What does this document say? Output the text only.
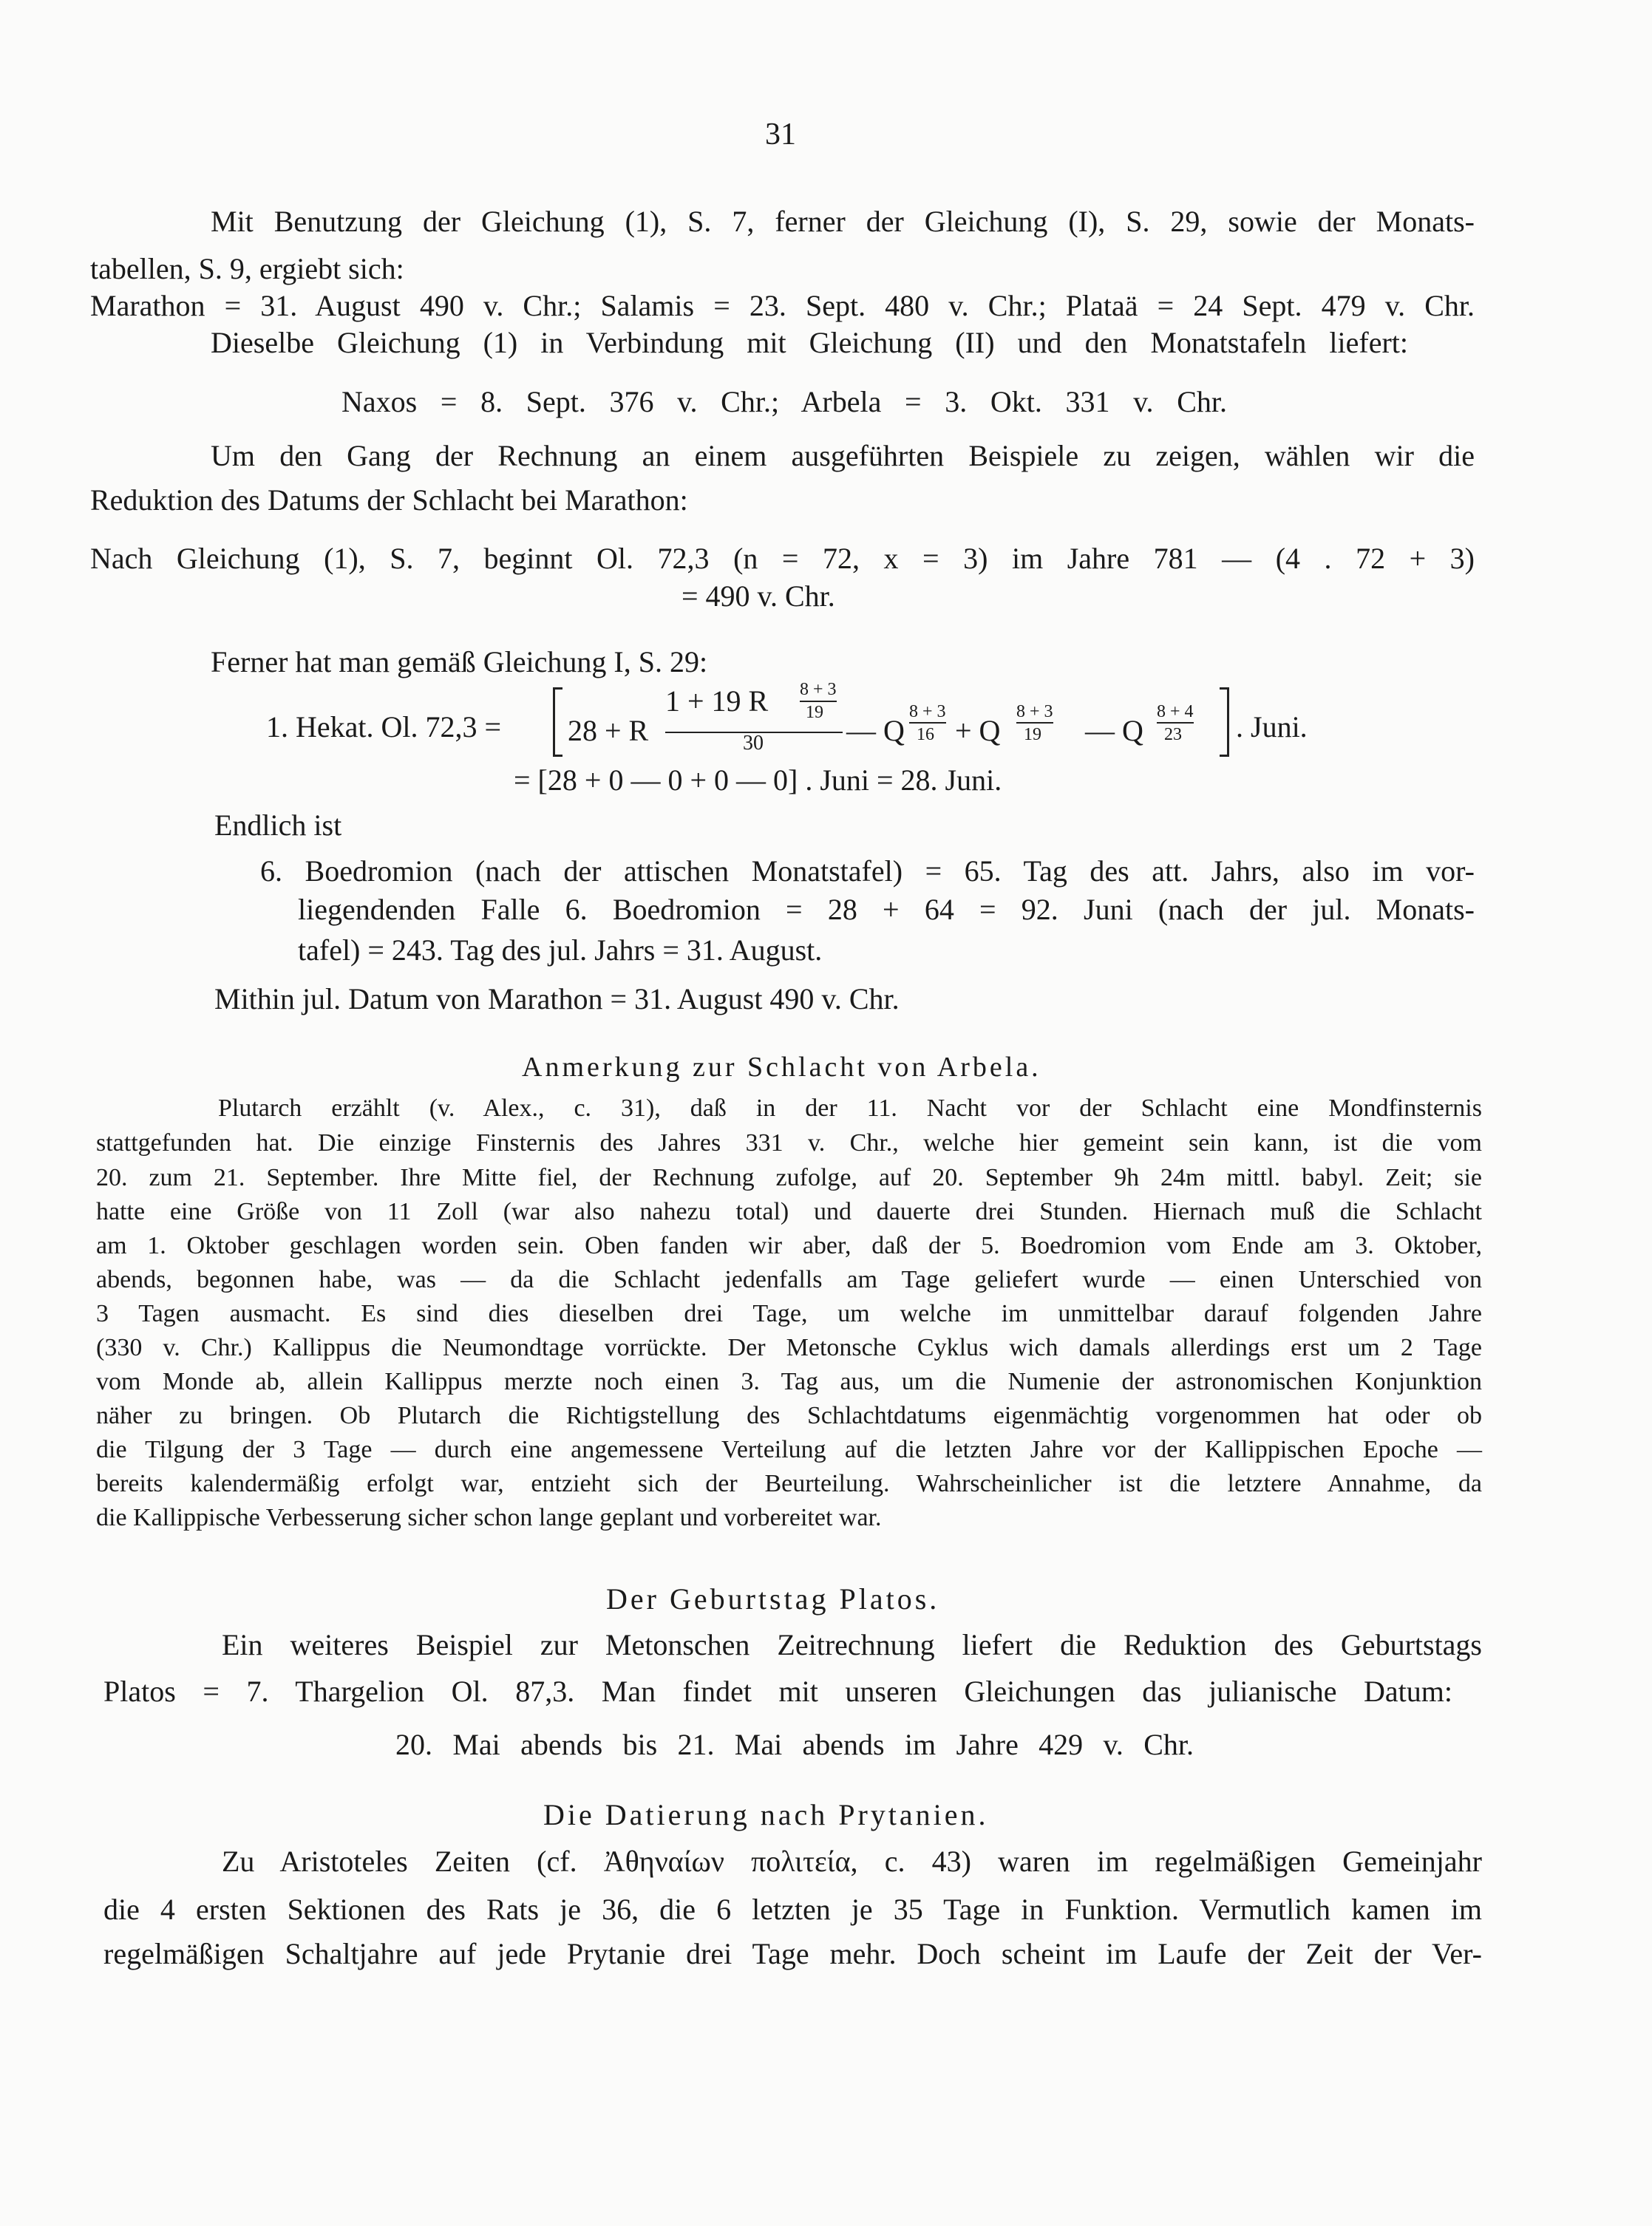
31
Mit Benutzung der Gleichung (1), S. 7, ferner der Gleichung (I), S. 29, sowie der Monats-
tabellen, S. 9, ergiebt sich:
Marathon = 31. August 490 v. Chr.; Salamis = 23. Sept. 480 v. Chr.; Plataä = 24 Sept. 479 v. Chr.
Dieselbe Gleichung (1) in Verbindung mit Gleichung (II) und den Monatstafeln liefert:
Naxos = 8. Sept. 376 v. Chr.; Arbela = 3. Okt. 331 v. Chr.
Um den Gang der Rechnung an einem ausgeführten Beispiele zu zeigen, wählen wir die
Reduktion des Datums der Schlacht bei Marathon:
Nach Gleichung (1), S. 7, beginnt Ol. 72,3 (n = 72, x = 3) im Jahre 781 — (4 . 72 + 3)
= 490 v. Chr.
Ferner hat man gemäß Gleichung I, S. 29:
1. Hekat. Ol. 72,3 = 28 + R
1 + 19 R 8 + 3
19
30	— Q
8 + 3
16 + Q
8 + 3
19 — Q
8 + 4
23 . Juni.
= [28 + 0 — 0 + 0 — 0] . Juni = 28. Juni.
Endlich ist
6. Boedromion (nach der attischen Monatstafel) = 65. Tag des att. Jahrs, also im vor-
liegendenden Falle 6. Boedromion = 28 + 64 = 92. Juni (nach der jul. Monats-
tafel) = 243. Tag des jul. Jahrs = 31. August.
Mithin jul. Datum von Marathon = 31. August 490 v. Chr.
Anmerkung zur Schlacht von Arbela.
Plutarch erzählt (v. Alex., c. 31), daß in der 11. Nacht vor der Schlacht eine Mondfinsternis
stattgefunden hat. Die einzige Finsternis des Jahres 331 v. Chr., welche hier gemeint sein kann, ist die vom
20. zum 21. September. Ihre Mitte fiel, der Rechnung zufolge, auf 20. September 9h 24m mittl. babyl. Zeit; sie
hatte eine Größe von 11 Zoll (war also nahezu total) und dauerte drei Stunden. Hiernach muß die Schlacht
am 1. Oktober geschlagen worden sein. Oben fanden wir aber, daß der 5. Boedromion vom Ende am 3. Oktober,
abends, begonnen habe, was — da die Schlacht jedenfalls am Tage geliefert wurde — einen Unterschied von
3 Tagen ausmacht. Es sind dies dieselben drei Tage, um welche im unmittelbar darauf folgenden Jahre
(330 v. Chr.) Kallippus die Neumondtage vorrückte. Der Metonsche Cyklus wich damals allerdings erst um 2 Tage
vom Monde ab, allein Kallippus merzte noch einen 3. Tag aus, um die Numenie der astronomischen Konjunktion
näher zu bringen. Ob Plutarch die Richtigstellung des Schlachtdatums eigenmächtig vorgenommen hat oder ob
die Tilgung der 3 Tage — durch eine angemessene Verteilung auf die letzten Jahre vor der Kallippischen Epoche —
bereits kalendermäßig erfolgt war, entzieht sich der Beurteilung. Wahrscheinlicher ist die letztere Annahme, da
die Kallippische Verbesserung sicher schon lange geplant und vorbereitet war.
Der Geburtstag Platos.
Ein weiteres Beispiel zur Metonschen Zeitrechnung liefert die Reduktion des Geburtstags
Platos = 7. Thargelion Ol. 87,3. Man findet mit unseren Gleichungen das julianische Datum:
20. Mai abends bis 21. Mai abends im Jahre 429 v. Chr.
Die Datierung nach Prytanien.
Zu Aristoteles Zeiten (cf. Ἀθηναίων πολιτεία, c. 43) waren im regelmäßigen Gemeinjahr
die 4 ersten Sektionen des Rats je 36, die 6 letzten je 35 Tage in Funktion. Vermutlich kamen im
regelmäßigen Schaltjahre auf jede Prytanie drei Tage mehr. Doch scheint im Laufe der Zeit der Ver-
